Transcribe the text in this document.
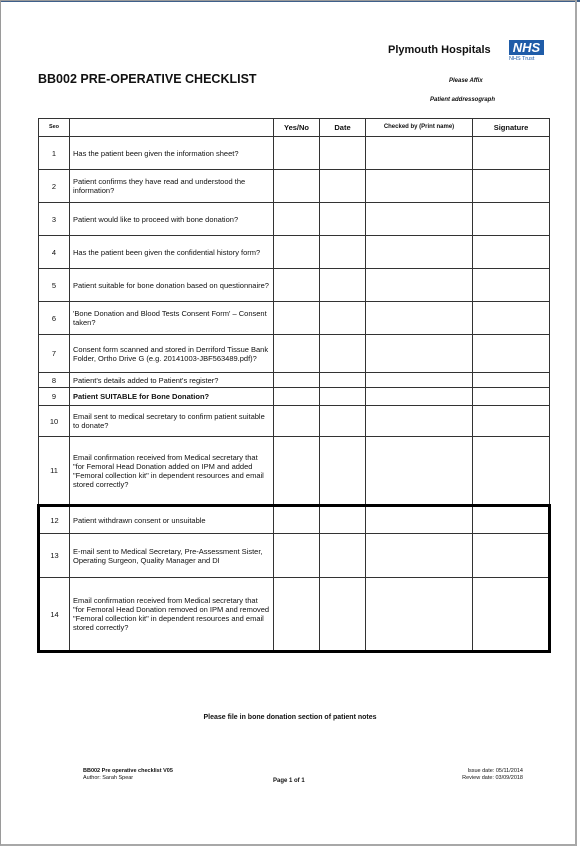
Plymouth Hospitals NHS
NHS Trust
BB002 PRE-OPERATIVE CHECKLIST	Please Affix
Patient addressograph
Seo		Yes/No	Date	Checked by (Print name)	Signature
1	Has the patient been given the information sheet?				
2	Patient confirms they have read and understood the information?				
3	Patient would like to proceed with bone donation?				
4	Has the patient been given the confidential history form?				
5	Patient suitable for bone donation based on questionnaire?				
6	'Bone Donation and Blood Tests Consent Form' – Consent taken?				
7	Consent form scanned and stored in Derriford Tissue Bank Folder, Ortho Drive G (e.g. 20141003-JBF563489.pdf)?				
8	Patient's details added to Patient's register?				
9	Patient SUITABLE for Bone Donation?				
10	Email sent to medical secretary to confirm patient suitable to donate?				
11	Email confirmation received from Medical secretary that "for Femoral Head Donation added on IPM and added "Femoral collection kit" in dependent resources and email stored correctly?				
12	Patient withdrawn consent or unsuitable				
13	E-mail sent to Medical Secretary, Pre-Assessment Sister, Operating Surgeon, Quality Manager and DI				
14	Email confirmation received from Medical secretary that "for Femoral Head Donation removed on IPM and removed "Femoral collection kit" in dependent resources and email stored correctly?				
Please file in bone donation section of patient notes
BB002 Pre operative checklist V05
Author: Sarah Spear	Page 1 of 1
Issue date: 05/11/2014
Review date: 03/09/2018
